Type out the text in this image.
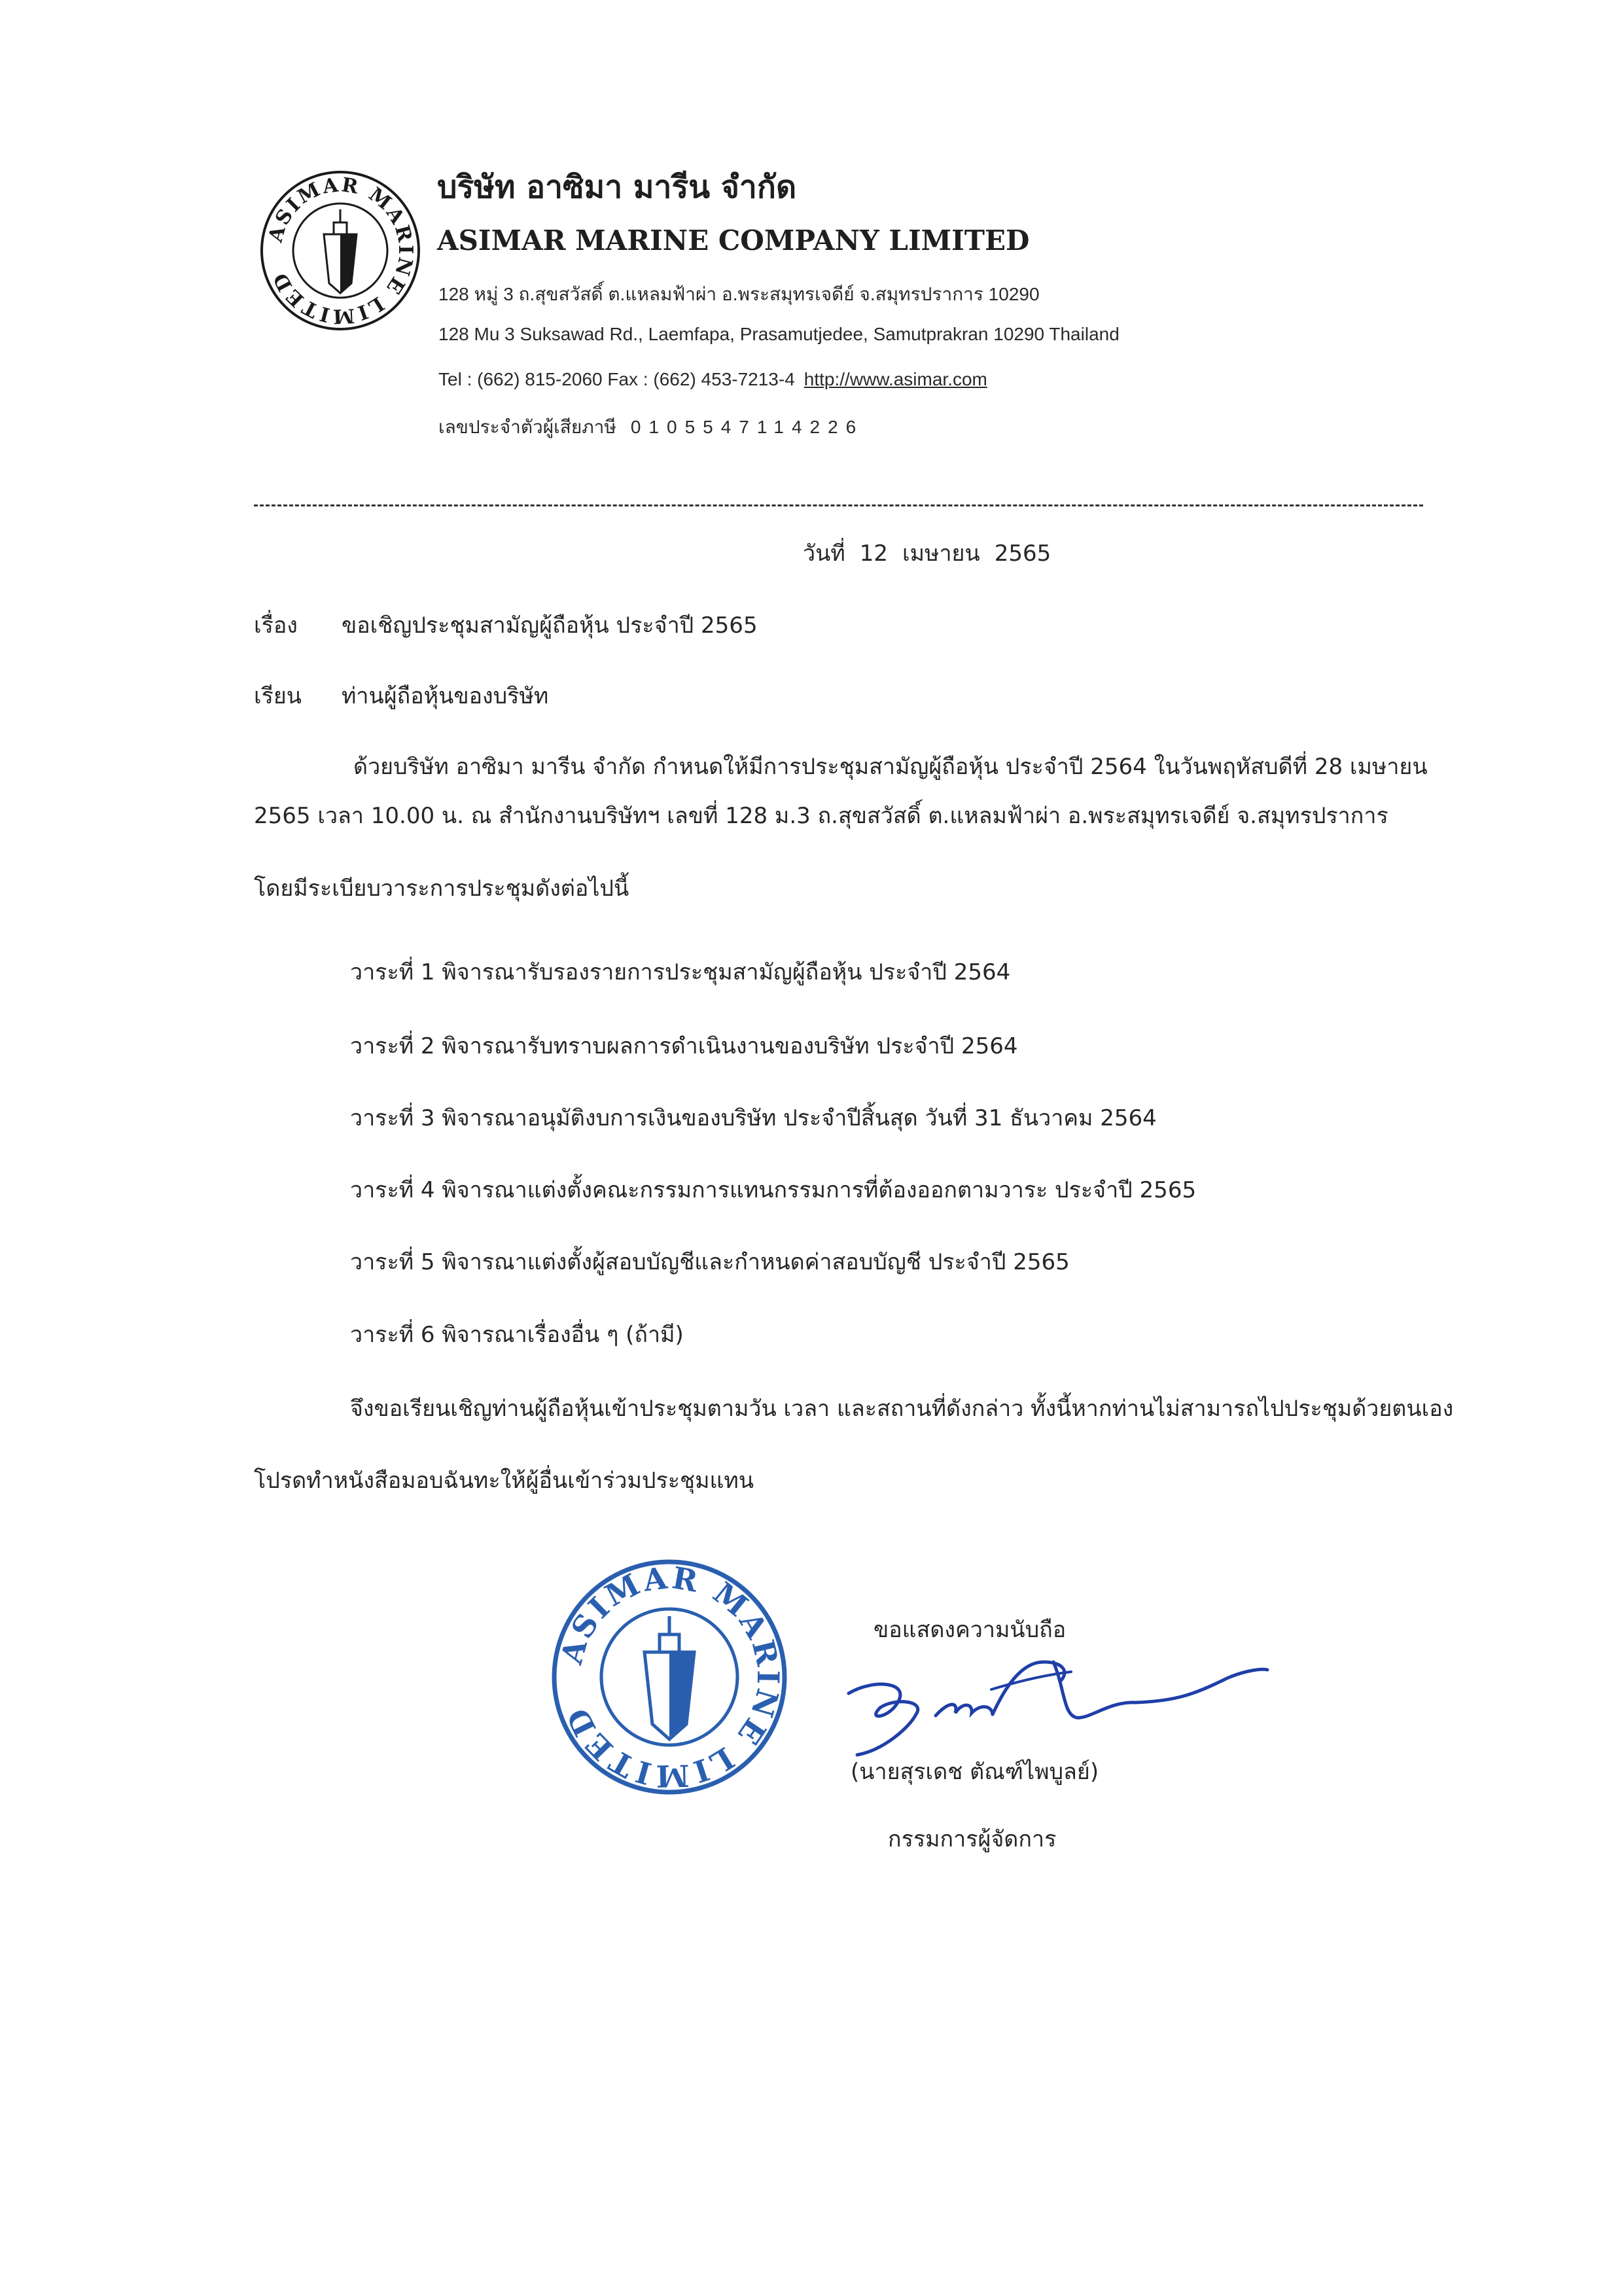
ASIMAR MARINE LIMITED
บริษัท อาซิมา มารีน จำกัด
ASIMAR MARINE COMPANY LIMITED
128 หมู่ 3 ถ.สุขสวัสดิ์ ต.แหลมฟ้าผ่า อ.พระสมุทรเจดีย์ จ.สมุทรปราการ 10290
128 Mu 3 Suksawad Rd., Laemfapa, Prasamutjedee, Samutprakran 10290 Thailand
Tel : (662) 815-2060 Fax : (662) 453-7213-4 http://www.asimar.com
เลขประจำตัวผู้เสียภาษี 0105547114226
วันที่ 12 เมษายน 2565
เรื่อง ขอเชิญประชุมสามัญผู้ถือหุ้น ประจำปี 2565
เรียน ท่านผู้ถือหุ้นของบริษัท
ด้วยบริษัท อาซิมา มารีน จำกัด กำหนดให้มีการประชุมสามัญผู้ถือหุ้น ประจำปี 2564 ในวันพฤหัสบดีที่ 28 เมษายน
2565 เวลา 10.00 น. ณ สำนักงานบริษัทฯ เลขที่ 128 ม.3 ถ.สุขสวัสดิ์ ต.แหลมฟ้าผ่า อ.พระสมุทรเจดีย์ จ.สมุทรปราการ
โดยมีระเบียบวาระการประชุมดังต่อไปนี้
วาระที่ 1 พิจารณารับรองรายการประชุมสามัญผู้ถือหุ้น ประจำปี 2564
วาระที่ 2 พิจารณารับทราบผลการดำเนินงานของบริษัท ประจำปี 2564
วาระที่ 3 พิจารณาอนุมัติงบการเงินของบริษัท ประจำปีสิ้นสุด วันที่ 31 ธันวาคม 2564
วาระที่ 4 พิจารณาแต่งตั้งคณะกรรมการแทนกรรมการที่ต้องออกตามวาระ ประจำปี 2565
วาระที่ 5 พิจารณาแต่งตั้งผู้สอบบัญชีและกำหนดค่าสอบบัญชี ประจำปี 2565
วาระที่ 6 พิจารณาเรื่องอื่น ๆ (ถ้ามี)
จึงขอเรียนเชิญท่านผู้ถือหุ้นเข้าประชุมตามวัน เวลา และสถานที่ดังกล่าว ทั้งนี้หากท่านไม่สามารถไปประชุมด้วยตนเอง
โปรดทำหนังสือมอบฉันทะให้ผู้อื่นเข้าร่วมประชุมแทน
ASIMAR MARINE LIMITED
ขอแสดงความนับถือ
(นายสุรเดช ตัณฑ์ไพบูลย์)
กรรมการผู้จัดการ
